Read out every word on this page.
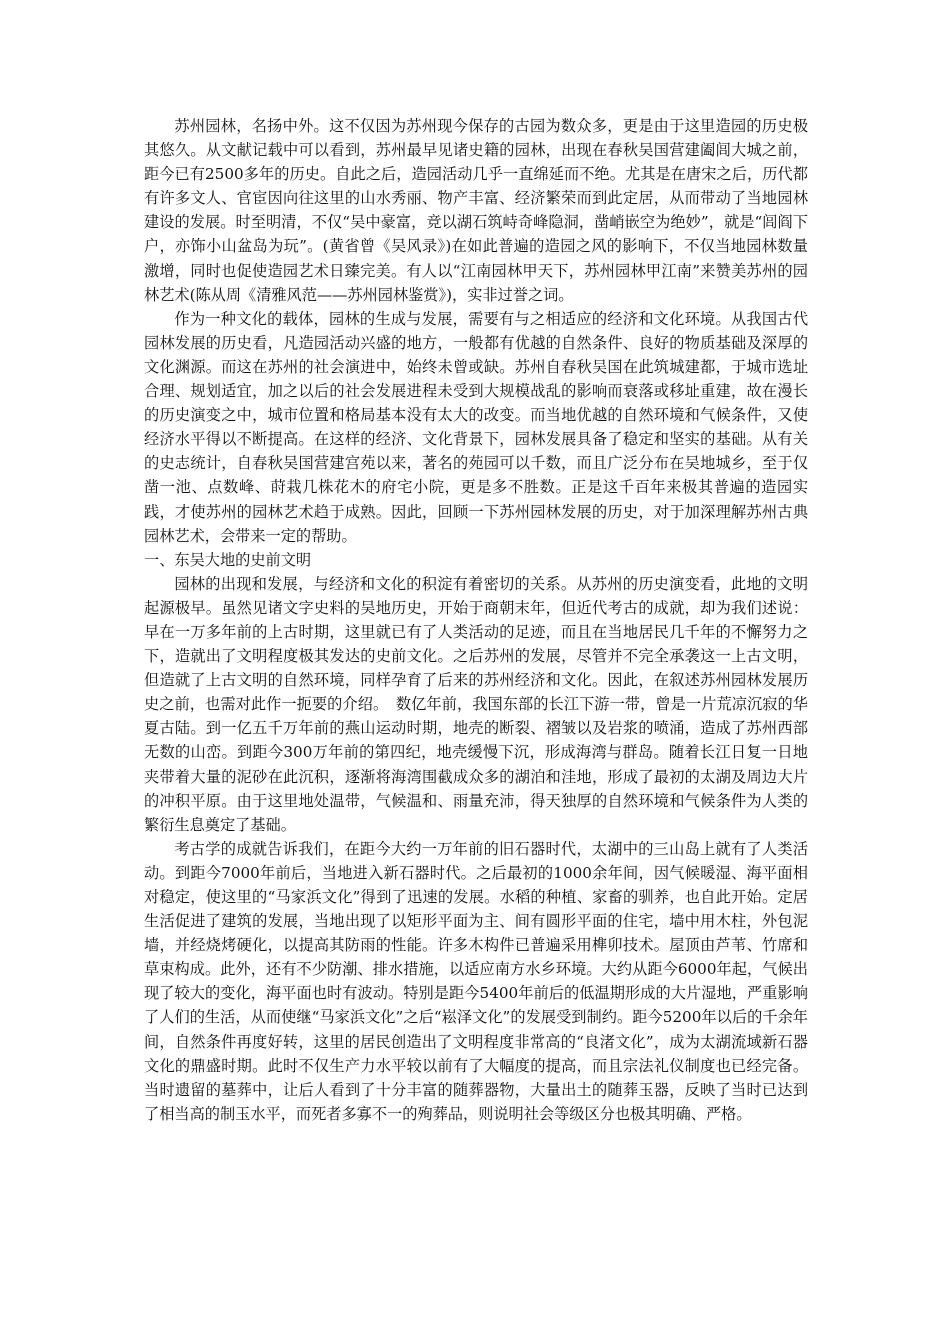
苏州园林，名扬中外。这不仅因为苏州现今保存的古园为数众多，更是由于这里造园的历史极其悠久。从文献记载中可以看到，苏州最早见诸史籍的园林，出现在春秋吴国营建阖闾大城之前，距今已有2500多年的历史。自此之后，造园活动几乎一直绵延而不绝。尤其是在唐宋之后，历代都有许多文人、官宦因向往这里的山水秀丽、物产丰富、经济繁荣而到此定居，从而带动了当地园林建设的发展。时至明清，不仅“吴中豪富，竞以湖石筑峙奇峰隐洞，凿峭嵌空为绝妙”，就是“闾阎下户，亦饰小山盆岛为玩”。(黄省曾《吴风录》)在如此普遍的造园之风的影响下，不仅当地园林数量激增，同时也促使造园艺术日臻完美。有人以“江南园林甲天下，苏州园林甲江南”来赞美苏州的园林艺术(陈从周《清雅风范——苏州园林鉴赏》)，实非过誉之词。

作为一种文化的载体，园林的生成与发展，需要有与之相适应的经济和文化环境。从我国古代园林发展的历史看，凡造园活动兴盛的地方，一般都有优越的自然条件、良好的物质基础及深厚的文化渊源。而这在苏州的社会演进中，始终未曾或缺。苏州自春秋吴国在此筑城建都，于城市选址合理、规划适宜，加之以后的社会发展进程未受到大规模战乱的影响而衰落或移址重建，故在漫长的历史演变之中，城市位置和格局基本没有太大的改变。而当地优越的自然环境和气候条件，又使经济水平得以不断提高。在这样的经济、文化背景下，园林发展具备了稳定和坚实的基础。从有关的史志统计，自春秋吴国营建宫苑以来，著名的苑园可以千数，而且广泛分布在吴地城乡，至于仅凿一池、点数峰、莳栽几株花木的府宅小院，更是多不胜数。正是这千百年来极其普遍的造园实践，才使苏州的园林艺术趋于成熟。因此，回顾一下苏州园林发展的历史，对于加深理解苏州古典园林艺术，会带来一定的帮助。

一、东吴大地的史前文明

园林的出现和发展，与经济和文化的积淀有着密切的关系。从苏州的历史演变看，此地的文明起源极早。虽然见诸文字史料的吴地历史，开始于商朝末年，但近代考古的成就，却为我们述说：早在一万多年前的上古时期，这里就已有了人类活动的足迹，而且在当地居民几千年的不懈努力之下，造就出了文明程度极其发达的史前文化。之后苏州的发展，尽管并不完全承袭这一上古文明，但造就了上古文明的自然环境，同样孕育了后来的苏州经济和文化。因此，在叙述苏州园林发展历史之前，也需对此作一扼要的介绍。　数亿年前，我国东部的长江下游一带，曾是一片荒凉沉寂的华夏古陆。到一亿五千万年前的燕山运动时期，地壳的断裂、褶皱以及岩浆的喷涌，造成了苏州西部无数的山峦。到距今300万年前的第四纪，地壳缓慢下沉，形成海湾与群岛。随着长江日复一日地夹带着大量的泥砂在此沉积，逐渐将海湾围截成众多的湖泊和洼地，形成了最初的太湖及周边大片的冲积平原。由于这里地处温带，气候温和、雨量充沛，得天独厚的自然环境和气候条件为人类的繁衍生息奠定了基础。

考古学的成就告诉我们，在距今大约一万年前的旧石器时代，太湖中的三山岛上就有了人类活动。到距今7000年前后，当地进入新石器时代。之后最初的1000余年间，因气候暖湿、海平面相对稳定，使这里的“马家浜文化”得到了迅速的发展。水稻的种植、家畜的驯养，也自此开始。定居生活促进了建筑的发展，当地出现了以矩形平面为主、间有圆形平面的住宅，墙中用木柱，外包泥墙，并经烧烤硬化，以提高其防雨的性能。许多木构件已普遍采用榫卯技术。屋顶由芦苇、竹席和草束构成。此外，还有不少防潮、排水措施，以适应南方水乡环境。大约从距今6000年起，气候出现了较大的变化，海平面也时有波动。特别是距今5400年前后的低温期形成的大片湿地，严重影响了人们的生活，从而使继“马家浜文化”之后“崧泽文化”的发展受到制约。距今5200年以后的千余年间，自然条件再度好转，这里的居民创造出了文明程度非常高的“良渚文化”，成为太湖流域新石器文化的鼎盛时期。此时不仅生产力水平较以前有了大幅度的提高，而且宗法礼仪制度也已经完备。当时遗留的墓葬中，让后人看到了十分丰富的随葬器物，大量出土的随葬玉器，反映了当时已达到了相当高的制玉水平，而死者多寡不一的殉葬品，则说明社会等级区分也极其明确、严格。
